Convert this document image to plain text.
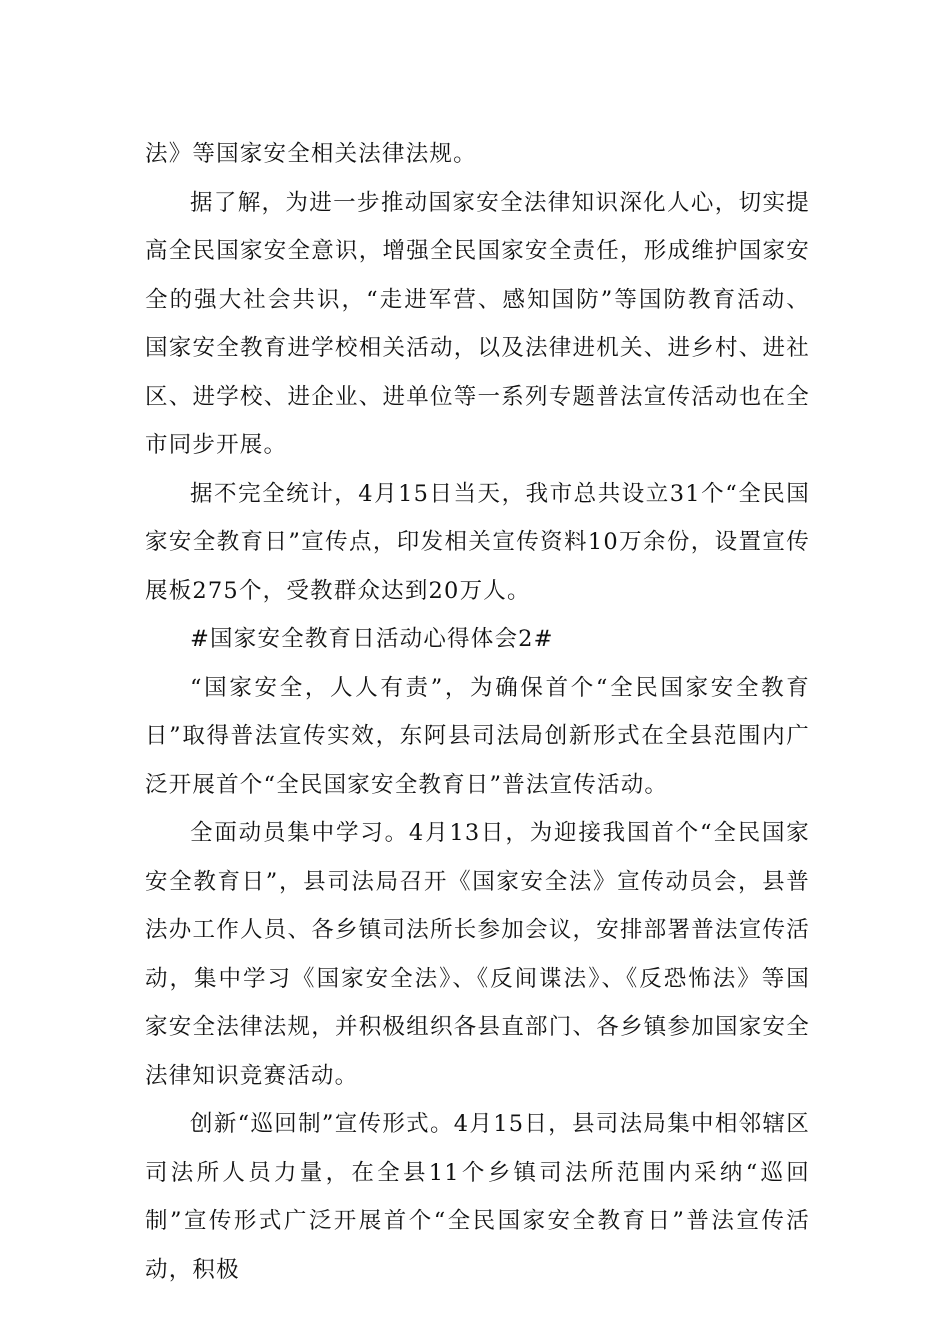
法》等国家安全相关法律法规。

据了解，为进一步推动国家安全法律知识深化人心，切实提高全民国家安全意识，增强全民国家安全责任，形成维护国家安全的强大社会共识，“走进军营、感知国防”等国防教育活动、国家安全教育进学校相关活动，以及法律进机关、进乡村、进社区、进学校、进企业、进单位等一系列专题普法宣传活动也在全市同步开展。

据不完全统计，4月15日当天，我市总共设立31个“全民国家安全教育日”宣传点，印发相关宣传资料10万余份，设置宣传展板275个，受教群众达到20万人。

#国家安全教育日活动心得体会2#

“国家安全，人人有责”，为确保首个“全民国家安全教育日”取得普法宣传实效，东阿县司法局创新形式在全县范围内广泛开展首个“全民国家安全教育日”普法宣传活动。

全面动员集中学习。4月13日，为迎接我国首个“全民国家安全教育日”，县司法局召开《国家安全法》宣传动员会，县普法办工作人员、各乡镇司法所长参加会议，安排部署普法宣传活动，集中学习《国家安全法》、《反间谍法》、《反恐怖法》等国家安全法律法规，并积极组织各县直部门、各乡镇参加国家安全法律知识竞赛活动。

创新“巡回制”宣传形式。4月15日，县司法局集中相邻辖区司法所人员力量，在全县11个乡镇司法所范围内采纳“巡回制”宣传形式广泛开展首个“全民国家安全教育日”普法宣传活动，积极
